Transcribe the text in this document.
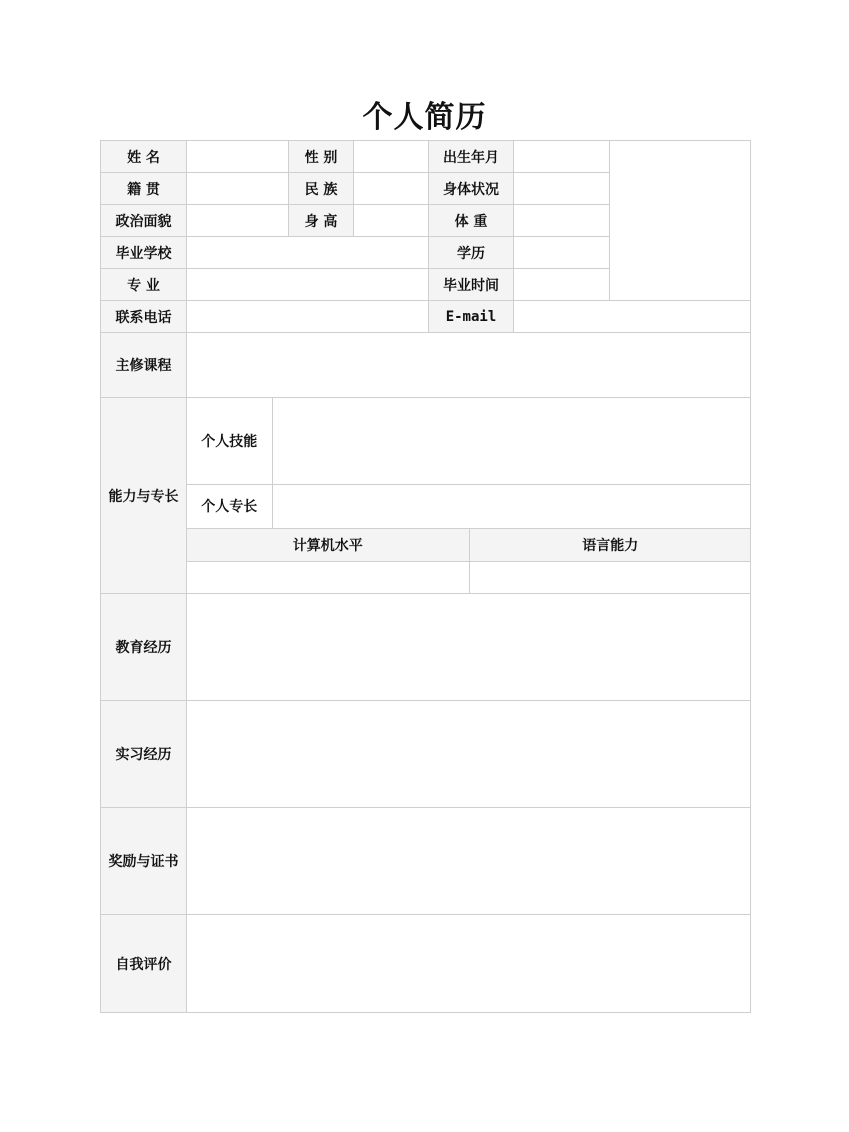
个人简历
姓 名		性 别		出生年月		
籍 贯		民 族		身体状况	
政治面貌		身 高		体 重	
毕业学校		学历	
专 业		毕业时间	
联系电话		E-mail	
主修课程	
能力与专长	
个人技能	
个人专长	
计算机水平	语言能力

教育经历	
实习经历	
奖励与证书	
自我评价	
